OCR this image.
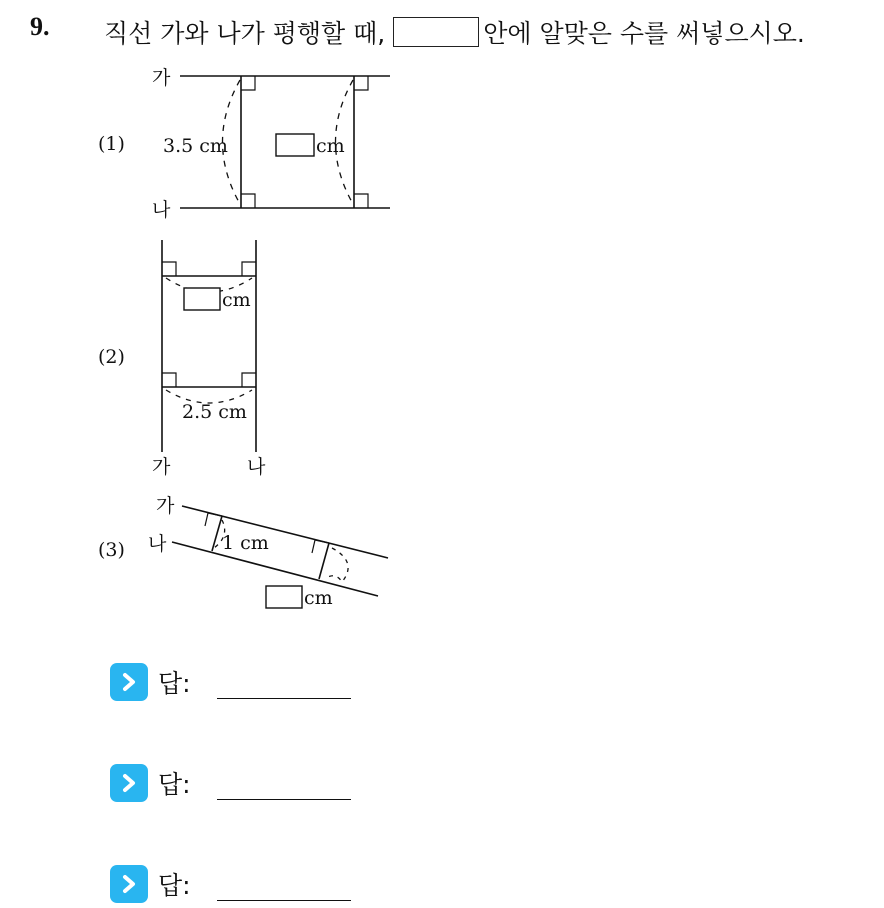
9. 직선 가와 나가 평행할 때,	안에 알맞은 수를 써넣으시오.
가
나
(1) 3.5 cm	cm
가	나
(2)
cm
2.5 cm
가
나
(3)	1 cm
cm
답:
답:
답:
